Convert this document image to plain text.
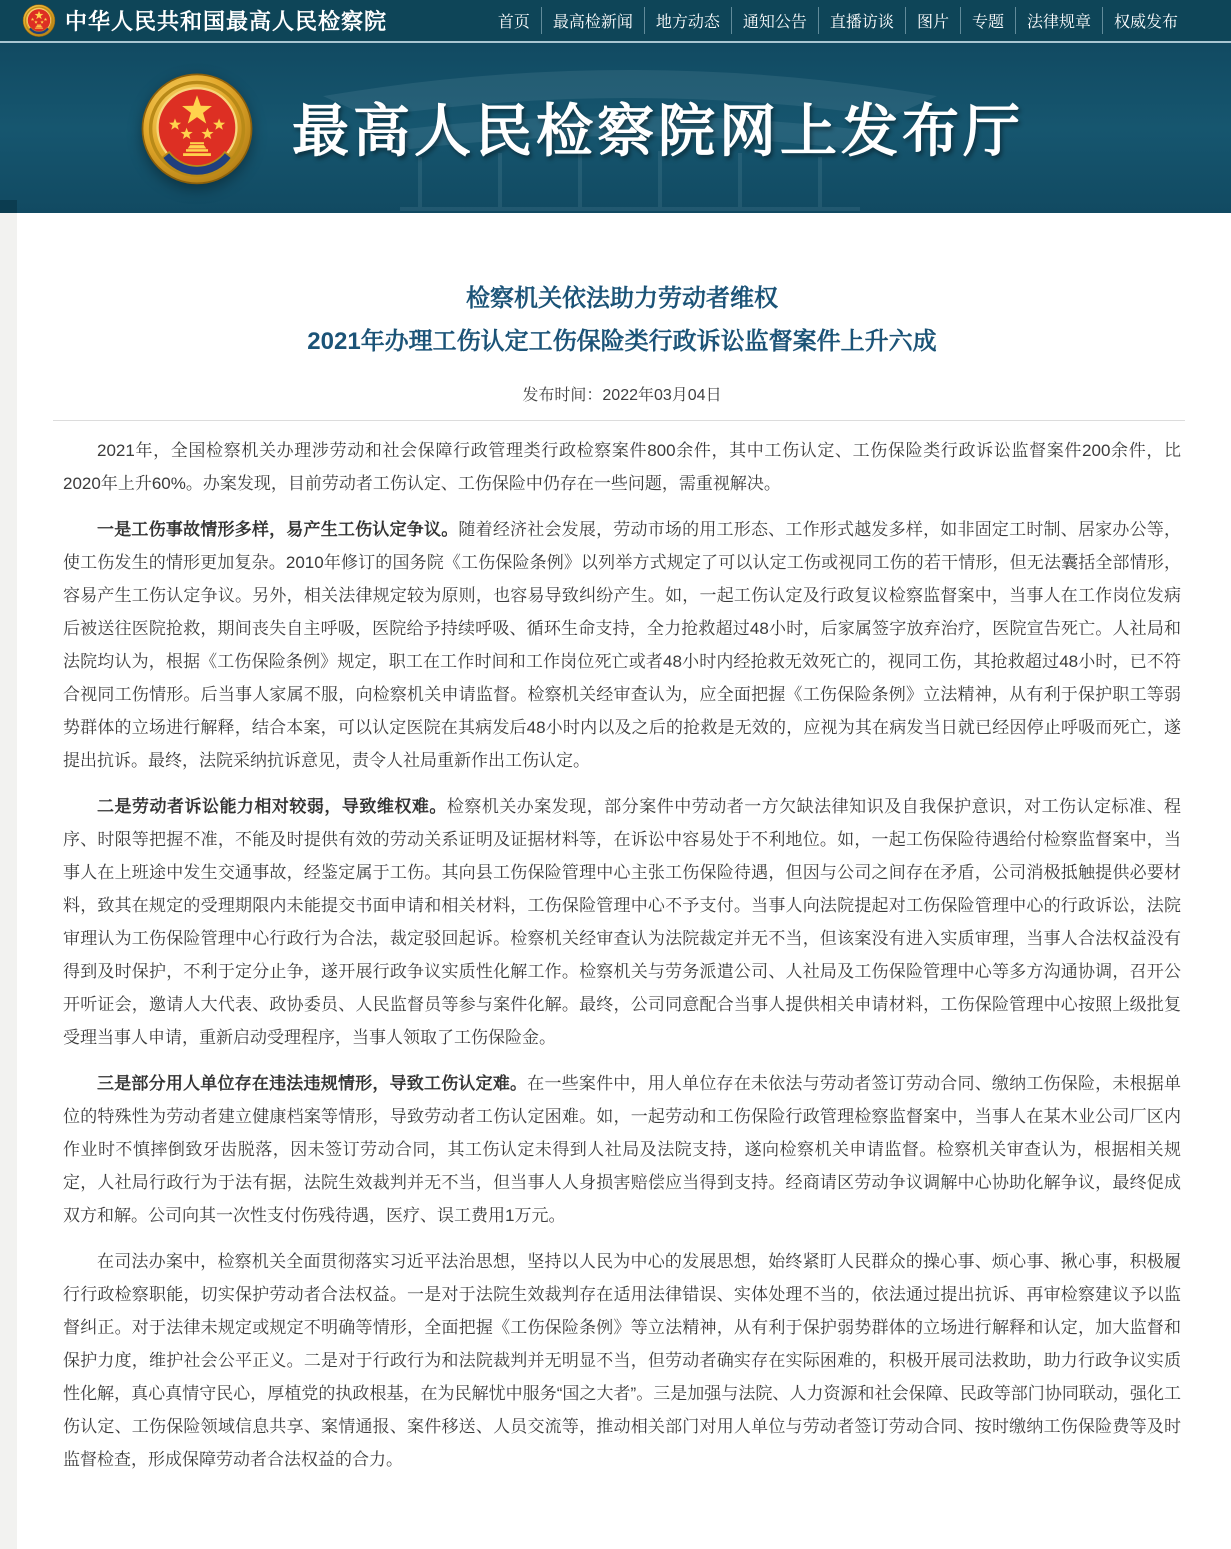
中华人民共和国最高人民检察院	首页	最高检新闻	地方动态	通知公告	直播访谈	图片	专题	法律规章	权威发布
最高人民检察院网上发布厅
检察机关依法助力劳动者维权
2021年办理工伤认定工伤保险类行政诉讼监督案件上升六成
发布时间：2022年03月04日

2021年，全国检察机关办理涉劳动和社会保障行政管理类行政检察案件800余件，其中工伤认定、工伤保险类行政诉讼监督案件200余件，比2020年上升60%。办案发现，目前劳动者工伤认定、工伤保险中仍存在一些问题，需重视解决。

一是工伤事故情形多样，易产生工伤认定争议。随着经济社会发展，劳动市场的用工形态、工作形式越发多样，如非固定工时制、居家办公等，使工伤发生的情形更加复杂。2010年修订的国务院《工伤保险条例》以列举方式规定了可以认定工伤或视同工伤的若干情形，但无法囊括全部情形，容易产生工伤认定争议。另外，相关法律规定较为原则，也容易导致纠纷产生。如，一起工伤认定及行政复议检察监督案中，当事人在工作岗位发病后被送往医院抢救，期间丧失自主呼吸，医院给予持续呼吸、循环生命支持，全力抢救超过48小时，后家属签字放弃治疗，医院宣告死亡。人社局和法院均认为，根据《工伤保险条例》规定，职工在工作时间和工作岗位死亡或者48小时内经抢救无效死亡的，视同工伤，其抢救超过48小时，已不符合视同工伤情形。后当事人家属不服，向检察机关申请监督。检察机关经审查认为，应全面把握《工伤保险条例》立法精神，从有利于保护职工等弱势群体的立场进行解释，结合本案，可以认定医院在其病发后48小时内以及之后的抢救是无效的，应视为其在病发当日就已经因停止呼吸而死亡，遂提出抗诉。最终，法院采纳抗诉意见，责令人社局重新作出工伤认定。

二是劳动者诉讼能力相对较弱，导致维权难。检察机关办案发现，部分案件中劳动者一方欠缺法律知识及自我保护意识，对工伤认定标准、程序、时限等把握不准，不能及时提供有效的劳动关系证明及证据材料等，在诉讼中容易处于不利地位。如，一起工伤保险待遇给付检察监督案中，当事人在上班途中发生交通事故，经鉴定属于工伤。其向县工伤保险管理中心主张工伤保险待遇，但因与公司之间存在矛盾，公司消极抵触提供必要材料，致其在规定的受理期限内未能提交书面申请和相关材料，工伤保险管理中心不予支付。当事人向法院提起对工伤保险管理中心的行政诉讼，法院审理认为工伤保险管理中心行政行为合法，裁定驳回起诉。检察机关经审查认为法院裁定并无不当，但该案没有进入实质审理，当事人合法权益没有得到及时保护，不利于定分止争，遂开展行政争议实质性化解工作。检察机关与劳务派遣公司、人社局及工伤保险管理中心等多方沟通协调，召开公开听证会，邀请人大代表、政协委员、人民监督员等参与案件化解。最终，公司同意配合当事人提供相关申请材料，工伤保险管理中心按照上级批复受理当事人申请，重新启动受理程序，当事人领取了工伤保险金。

三是部分用人单位存在违法违规情形，导致工伤认定难。在一些案件中，用人单位存在未依法与劳动者签订劳动合同、缴纳工伤保险，未根据单位的特殊性为劳动者建立健康档案等情形，导致劳动者工伤认定困难。如，一起劳动和工伤保险行政管理检察监督案中，当事人在某木业公司厂区内作业时不慎摔倒致牙齿脱落，因未签订劳动合同，其工伤认定未得到人社局及法院支持，遂向检察机关申请监督。检察机关审查认为，根据相关规定，人社局行政行为于法有据，法院生效裁判并无不当，但当事人人身损害赔偿应当得到支持。经商请区劳动争议调解中心协助化解争议，最终促成双方和解。公司向其一次性支付伤残待遇，医疗、误工费用1万元。

在司法办案中，检察机关全面贯彻落实习近平法治思想，坚持以人民为中心的发展思想，始终紧盯人民群众的操心事、烦心事、揪心事，积极履行行政检察职能，切实保护劳动者合法权益。一是对于法院生效裁判存在适用法律错误、实体处理不当的，依法通过提出抗诉、再审检察建议予以监督纠正。对于法律未规定或规定不明确等情形，全面把握《工伤保险条例》等立法精神，从有利于保护弱势群体的立场进行解释和认定，加大监督和保护力度，维护社会公平正义。二是对于行政行为和法院裁判并无明显不当，但劳动者确实存在实际困难的，积极开展司法救助，助力行政争议实质性化解，真心真情守民心，厚植党的执政根基，在为民解忧中服务“国之大者”。三是加强与法院、人力资源和社会保障、民政等部门协同联动，强化工伤认定、工伤保险领域信息共享、案情通报、案件移送、人员交流等，推动相关部门对用人单位与劳动者签订劳动合同、按时缴纳工伤保险费等及时监督检查，形成保障劳动者合法权益的合力。
